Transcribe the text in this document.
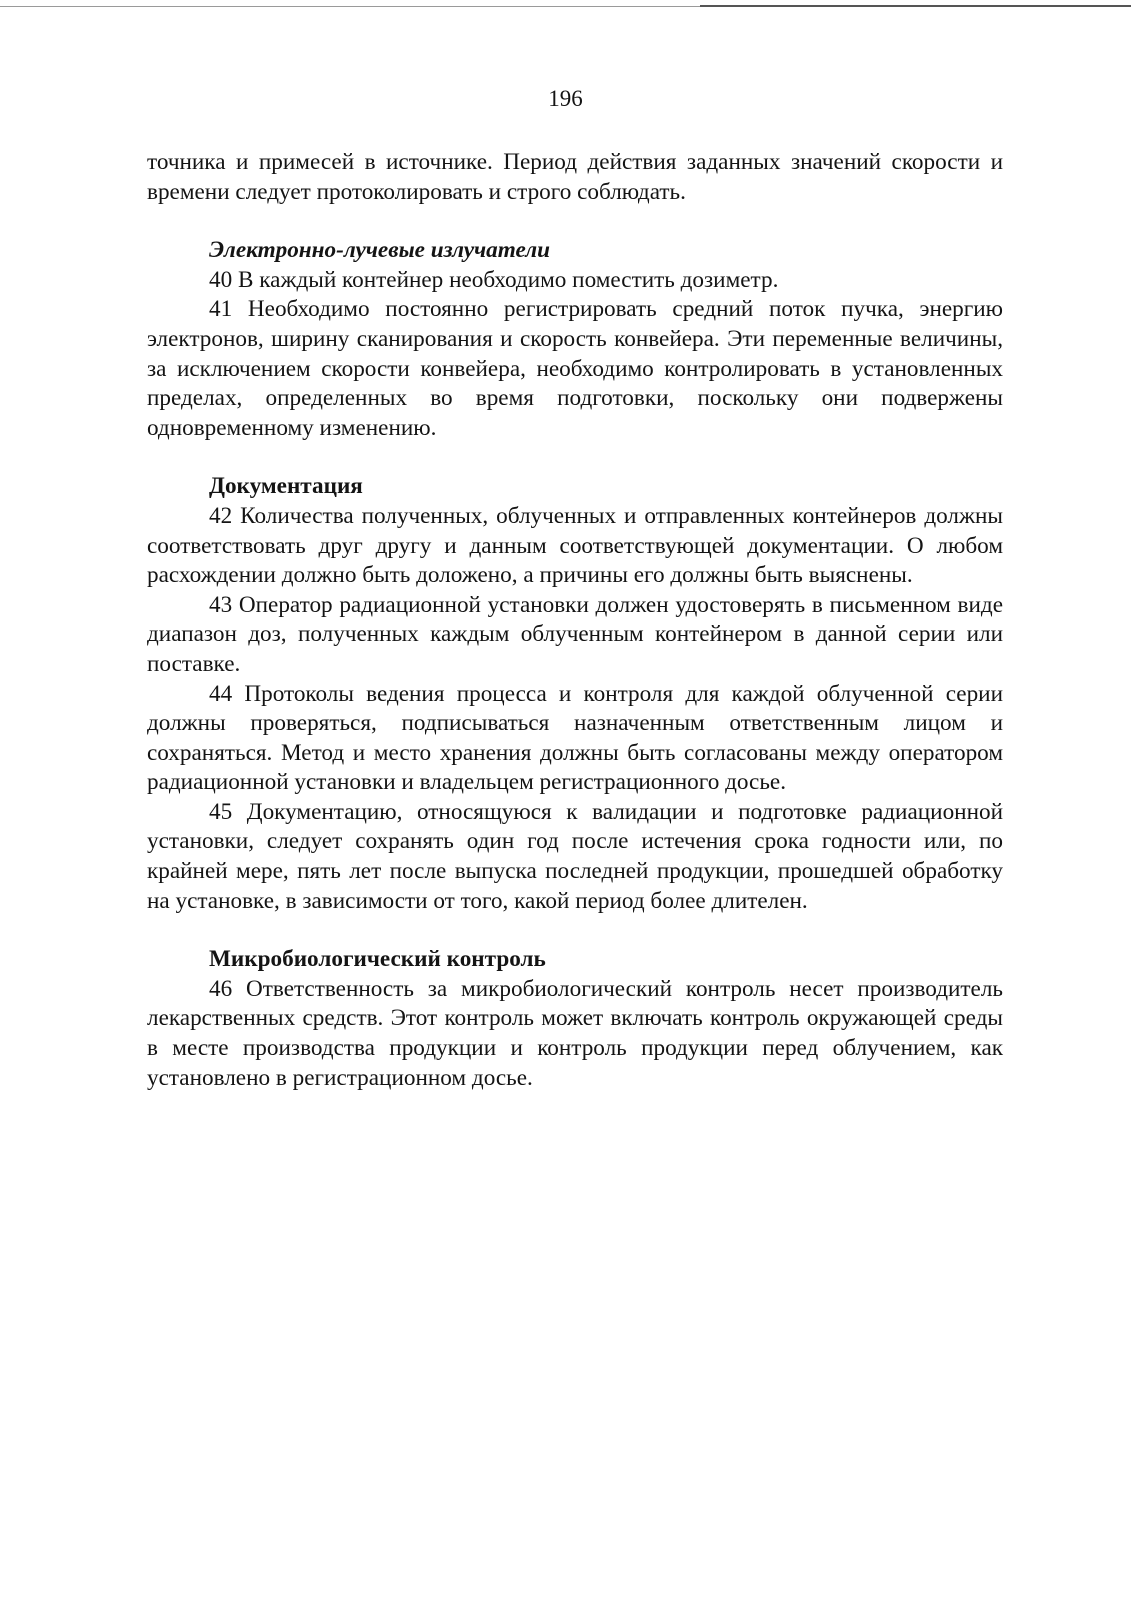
196

точника и примесей в источнике. Период действия заданных значений скорости и времени следует протоколировать и строго соблюдать.

Электронно-лучевые излучатели

40 В каждый контейнер необходимо поместить дозиметр.

41 Необходимо постоянно регистрировать средний поток пучка, энергию электронов, ширину сканирования и скорость конвейера. Эти переменные величины, за исключением скорости конвейера, необходимо контролировать в установленных пределах, определенных во время подготовки, поскольку они подвержены одновременному изменению.

Документация

42 Количества полученных, облученных и отправленных контейнеров должны соответствовать друг другу и данным соответствующей документации. О любом расхождении должно быть доложено, а причины его должны быть выяснены.

43 Оператор радиационной установки должен удостоверять в письменном виде диапазон доз, полученных каждым облученным контейнером в данной серии или поставке.

44 Протоколы ведения процесса и контроля для каждой облученной серии должны проверяться, подписываться назначенным ответственным лицом и сохраняться. Метод и место хранения должны быть согласованы между оператором радиационной установки и владельцем регистрационного досье.

45 Документацию, относящуюся к валидации и подготовке радиационной установки, следует сохранять один год после истечения срока годности или, по крайней мере, пять лет после выпуска последней продукции, прошедшей обработку на установке, в зависимости от того, какой период более длителен.

Микробиологический контроль

46 Ответственность за микробиологический контроль несет производитель лекарственных средств. Этот контроль может включать контроль окружающей среды в месте производства продукции и контроль продукции перед облучением, как установлено в регистрационном досье.
